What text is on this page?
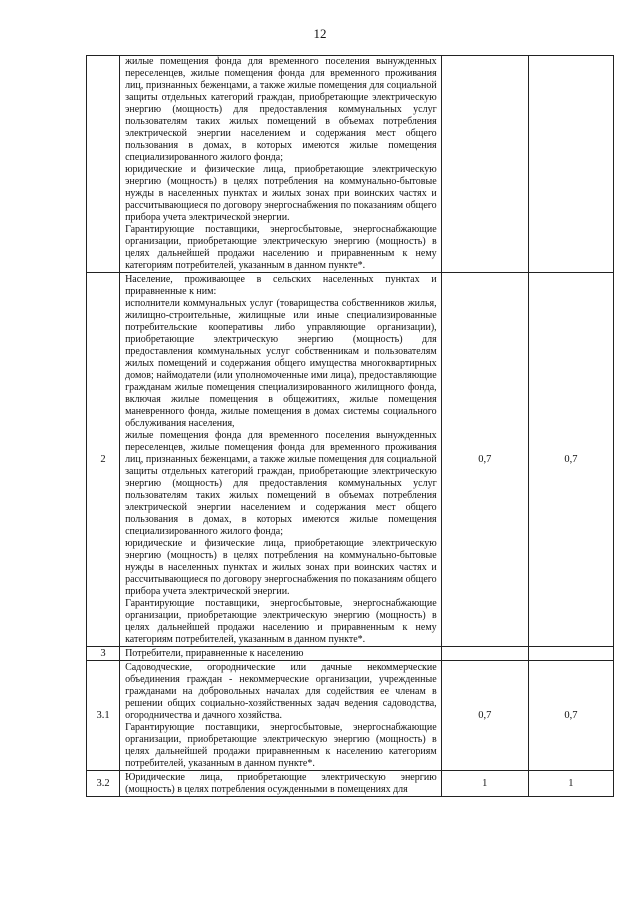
12

	жилые помещения фонда для временного поселения вынужденных переселенцев, жилые помещения фонда для временного проживания лиц, признанных беженцами, а также жилые помещения для социальной защиты отдельных категорий граждан, приобретающие электрическую энергию (мощность) для предоставления коммунальных услуг пользователям таких жилых помещений в объемах потребления электрической энергии населением и содержания мест общего пользования в домах, в которых имеются жилые помещения специализированного жилого фонда;

юридические и физические лица, приобретающие электрическую энергию (мощность) в целях потребления на коммунально-бытовые нужды в населенных пунктах и жилых зонах при воинских частях и рассчитывающиеся по договору энергоснабжения по показаниям общего прибора учета электрической энергии.

Гарантирующие поставщики, энергосбытовые, энергоснабжающие организации, приобретающие электрическую энергию (мощность) в целях дальнейшей продажи населению и приравненным к нему категориям потребителей, указанным в данном пункте*.		

2	Население, проживающее в сельских населенных пунктах и приравненные к ним:

исполнители коммунальных услуг (товарищества собственников жилья, жилищно-строительные, жилищные или иные специализированные потребительские кооперативы либо управляющие организации), приобретающие электрическую энергию (мощность) для предоставления коммунальных услуг собственникам и пользователям жилых помещений и содержания общего имущества многоквартирных домов; наймодатели (или уполномоченные ими лица), предоставляющие гражданам жилые помещения специализированного жилищного фонда, включая жилые помещения в общежитиях, жилые помещения маневренного фонда, жилые помещения в домах системы социального обслуживания населения,

жилые помещения фонда для временного поселения вынужденных переселенцев, жилые помещения фонда для временного проживания лиц, признанных беженцами, а также жилые помещения для социальной защиты отдельных категорий граждан, приобретающие электрическую энергию (мощность) для предоставления коммунальных услуг пользователям таких жилых помещений в объемах потребления электрической энергии населением и содержания мест общего пользования в домах, в которых имеются жилые помещения специализированного жилого фонда;

юридические и физические лица, приобретающие электрическую энергию (мощность) в целях потребления на коммунально-бытовые нужды в населенных пунктах и жилых зонах при воинских частях и рассчитывающиеся по договору энергоснабжения по показаниям общего прибора учета электрической энергии.

Гарантирующие поставщики, энергосбытовые, энергоснабжающие организации, приобретающие электрическую энергию (мощность) в целях дальнейшей продажи населению и приравненным к нему категориям потребителей, указанным в данном пункте*.	0,7	0,7
3	Потребители, приравненные к населению		

3.1	Садоводческие, огороднические или дачные некоммерческие объединения граждан - некоммерческие организации, учрежденные гражданами на добровольных началах для содействия ее членам в решении общих социально-хозяйственных задач ведения садоводства, огородничества и дачного хозяйства.

Гарантирующие поставщики, энергосбытовые, энергоснабжающие организации, приобретающие электрическую энергию (мощность) в целях дальнейшей продажи приравненным к населению категориям потребителей, указанным в данном пункте*.	0,7	0,7
3.2	Юридические лица, приобретающие электрическую энергию (мощность) в целях потребления осужденными в помещениях для	1	1
